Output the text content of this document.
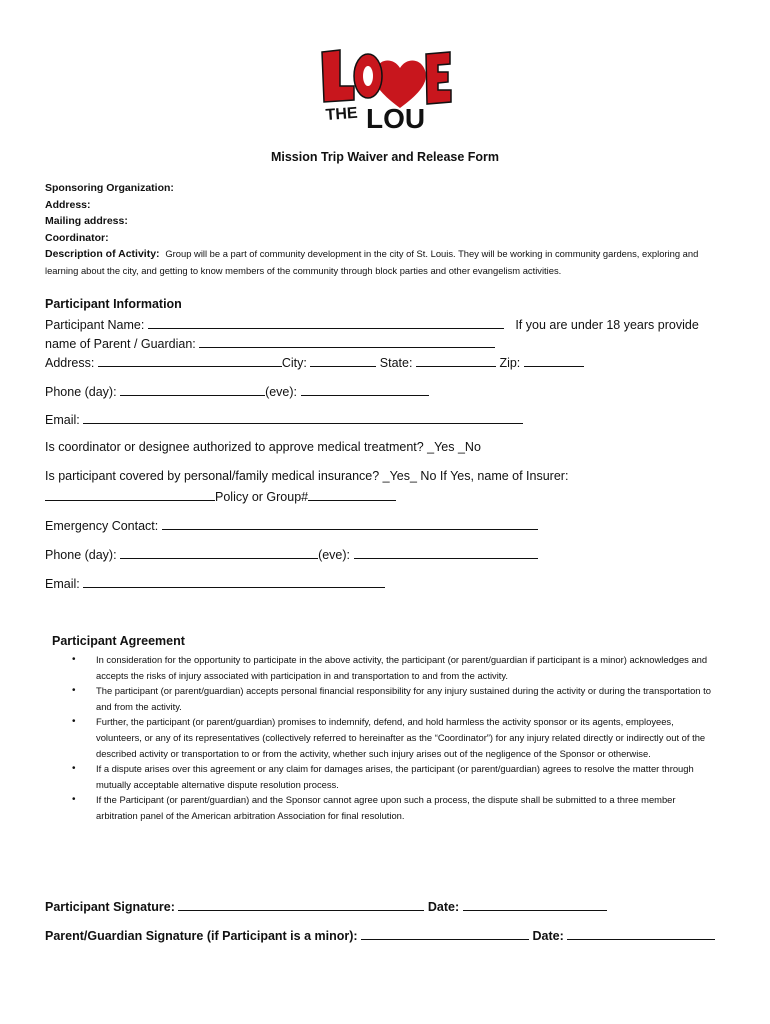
THE LOU
Mission Trip Waiver and Release Form
Sponsoring Organization:
Address:
Mailing address:
Coordinator:
Description of Activity: Group will be a part of community development in the city of St. Louis. They will be working in community gardens, exploring and learning about the city, and getting to know members of the community through block parties and other evangelism activities.
Participant Information
Participant Name:	If you are under 18 years provide
name of Parent / Guardian:
Address:	City:	State:	Zip:
Phone (day):	(eve):
Email:
Is coordinator or designee authorized to approve medical treatment? _Yes _No
Is participant covered by personal/family medical insurance? _Yes_ No If Yes, name of Insurer:
Policy or Group#
Emergency Contact:
Phone (day):	(eve):
Email:
Participant Agreement
• In consideration for the opportunity to participate in the above activity, the participant (or parent/guardian if participant is a minor) acknowledges and accepts the risks of injury associated with participation in and transportation to and from the activity.
• The participant (or parent/guardian) accepts personal financial responsibility for any injury sustained during the activity or during the transportation to and from the activity.
• Further, the participant (or parent/guardian) promises to indemnify, defend, and hold harmless the activity sponsor or its agents, employees, volunteers, or any of its representatives (collectively referred to hereinafter as the “Coordinator”) for any injury related directly or indirectly out of the described activity or transportation to or from the activity, whether such injury arises out of the negligence of the Sponsor or otherwise.
• If a dispute arises over this agreement or any claim for damages arises, the participant (or parent/guardian) agrees to resolve the matter through mutually acceptable alternative dispute resolution process.
• If the Participant (or parent/guardian) and the Sponsor cannot agree upon such a process, the dispute shall be submitted to a three member arbitration panel of the American arbitration Association for final resolution.
Participant Signature:	Date:
Parent/Guardian Signature (if Participant is a minor):	Date:
